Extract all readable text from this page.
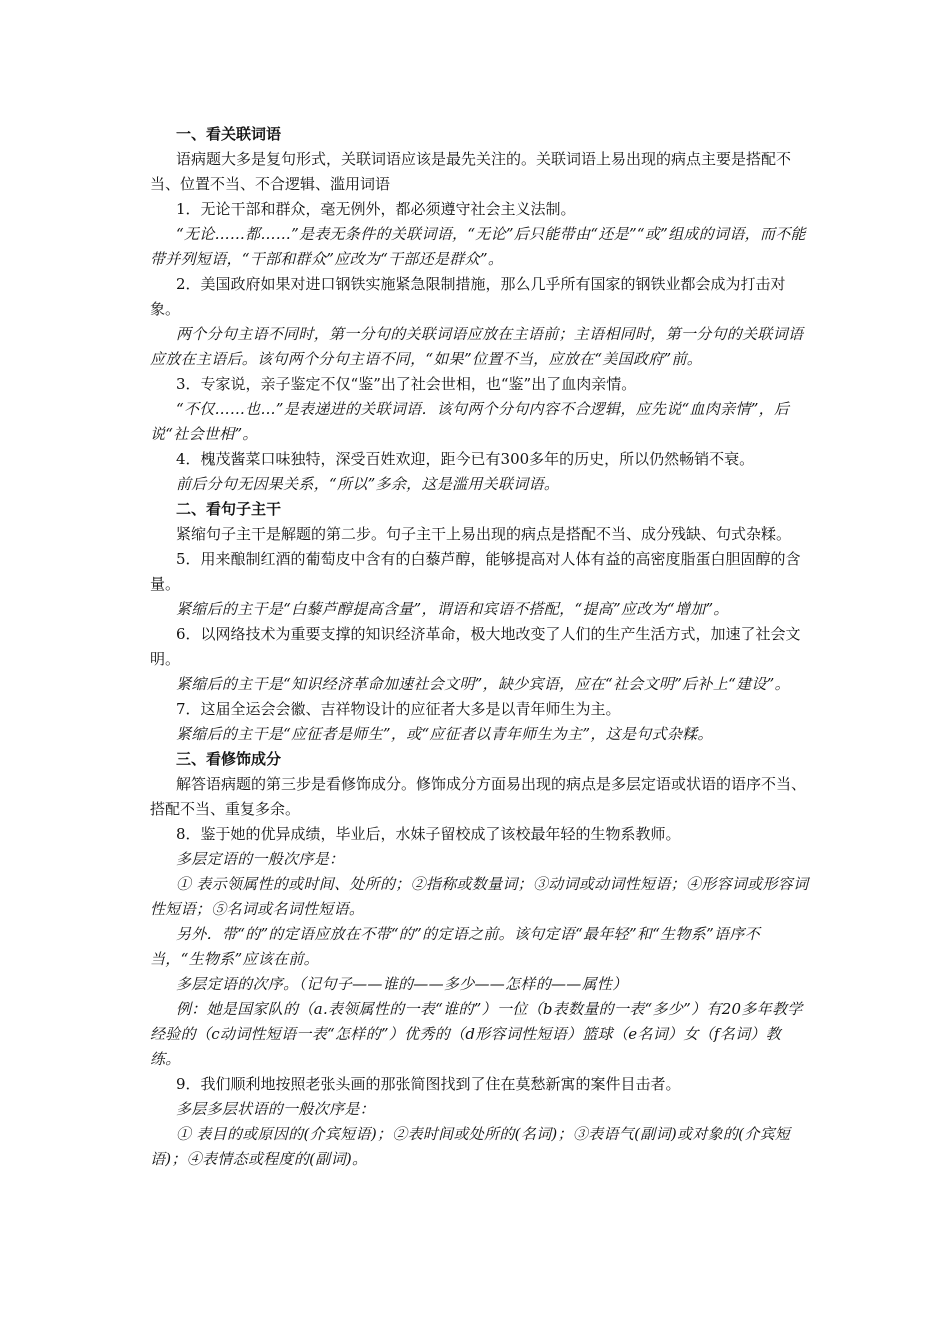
一、看关联词语

语病题大多是复句形式，关联词语应该是最先关注的。关联词语上易出现的病点主要是搭配不当、位置不当、不合逻辑、滥用词语

1．无论干部和群众，毫无例外，都必须遵守社会主义法制。

“无论……都……”是表无条件的关联词语，“无论”后只能带由“还是”“或”组成的词语，而不能带并列短语，“干部和群众”应改为“干部还是群众”。

2．美国政府如果对进口钢铁实施紧急限制措施，那么几乎所有国家的钢铁业都会成为打击对象。

两个分句主语不同时，第一分句的关联词语应放在主语前；主语相同时，第一分句的关联词语应放在主语后。该句两个分句主语不同，“如果”位置不当，应放在“美国政府”前。

3．专家说，亲子鉴定不仅“鉴”出了社会世相，也“鉴”出了血肉亲情。

“不仅……也…”是表递进的关联词语．该句两个分句内容不合逻辑，应先说“血肉亲情”，后说“社会世相”。

4．槐茂酱菜口味独特，深受百姓欢迎，距今已有300多年的历史，所以仍然畅销不衰。

前后分句无因果关系，“所以”多余，这是滥用关联词语。

二、看句子主干

紧缩句子主干是解题的第二步。句子主干上易出现的病点是搭配不当、成分残缺、句式杂糅。

5．用来酿制红酒的葡萄皮中含有的白藜芦醇，能够提高对人体有益的高密度脂蛋白胆固醇的含量。

紧缩后的主干是“白藜芦醇提高含量”，谓语和宾语不搭配，“提高”应改为“增加”。

6．以网络技术为重要支撑的知识经济革命，极大地改变了人们的生产生活方式，加速了社会文明。

紧缩后的主干是“知识经济革命加速社会文明”，缺少宾语，应在“社会文明”后补上“建设”。

7．这届全运会会徽、吉祥物设计的应征者大多是以青年师生为主。

紧缩后的主干是“应征者是师生”，或“应征者以青年师生为主”，这是句式杂糅。

三、看修饰成分

解答语病题的第三步是看修饰成分。修饰成分方面易出现的病点是多层定语或状语的语序不当、搭配不当、重复多余。

8．鉴于她的优异成绩，毕业后，水妹子留校成了该校最年轻的生物系教师。

多层定语的一般次序是：

① 表示领属性的或时间、处所的；②指称或数量词；③动词或动词性短语；④形容词或形容词性短语；⑤名词或名词性短语。

另外．带“的”的定语应放在不带“的”的定语之前。该句定语“最年轻”和“生物系”语序不当，“生物系”应该在前。

多层定语的次序。（记句子——谁的——多少——怎样的——属性）

例：她是国家队的（a.表领属性的一表“谁的”）一位（b表数量的一表“多少”）有20多年教学经验的（c动词性短语一表“怎样的”）优秀的（d形容词性短语）篮球（e名词）女（f名词）教练。

9．我们顺利地按照老张头画的那张简图找到了住在莫愁新寓的案件目击者。

多层多层状语的一般次序是：

① 表目的或原因的(介宾短语)；②表时间或处所的(名词)；③表语气(副词)或对象的(介宾短语)；④表情态或程度的(副词)。
